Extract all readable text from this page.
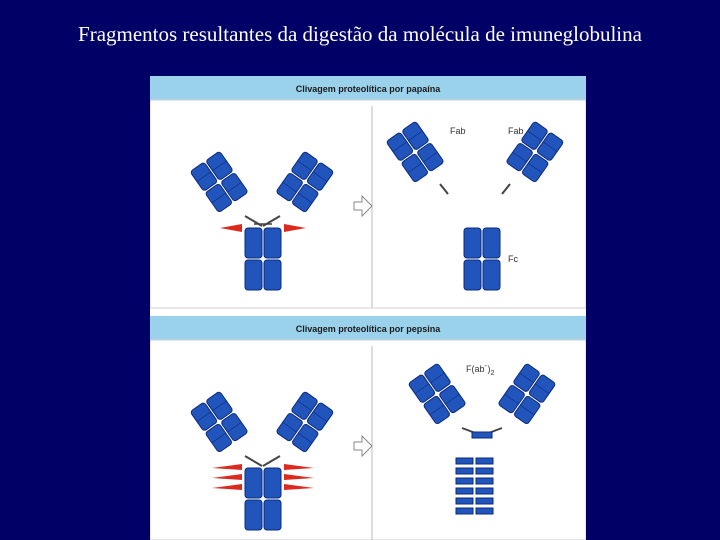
Fragmentos resultantes da digestão da molécula de imuneglobulina
Clivagem proteolítica por papaína
Fab	Fab
Fc
Clivagem proteolítica por pepsina
$F(ab´)_2$
